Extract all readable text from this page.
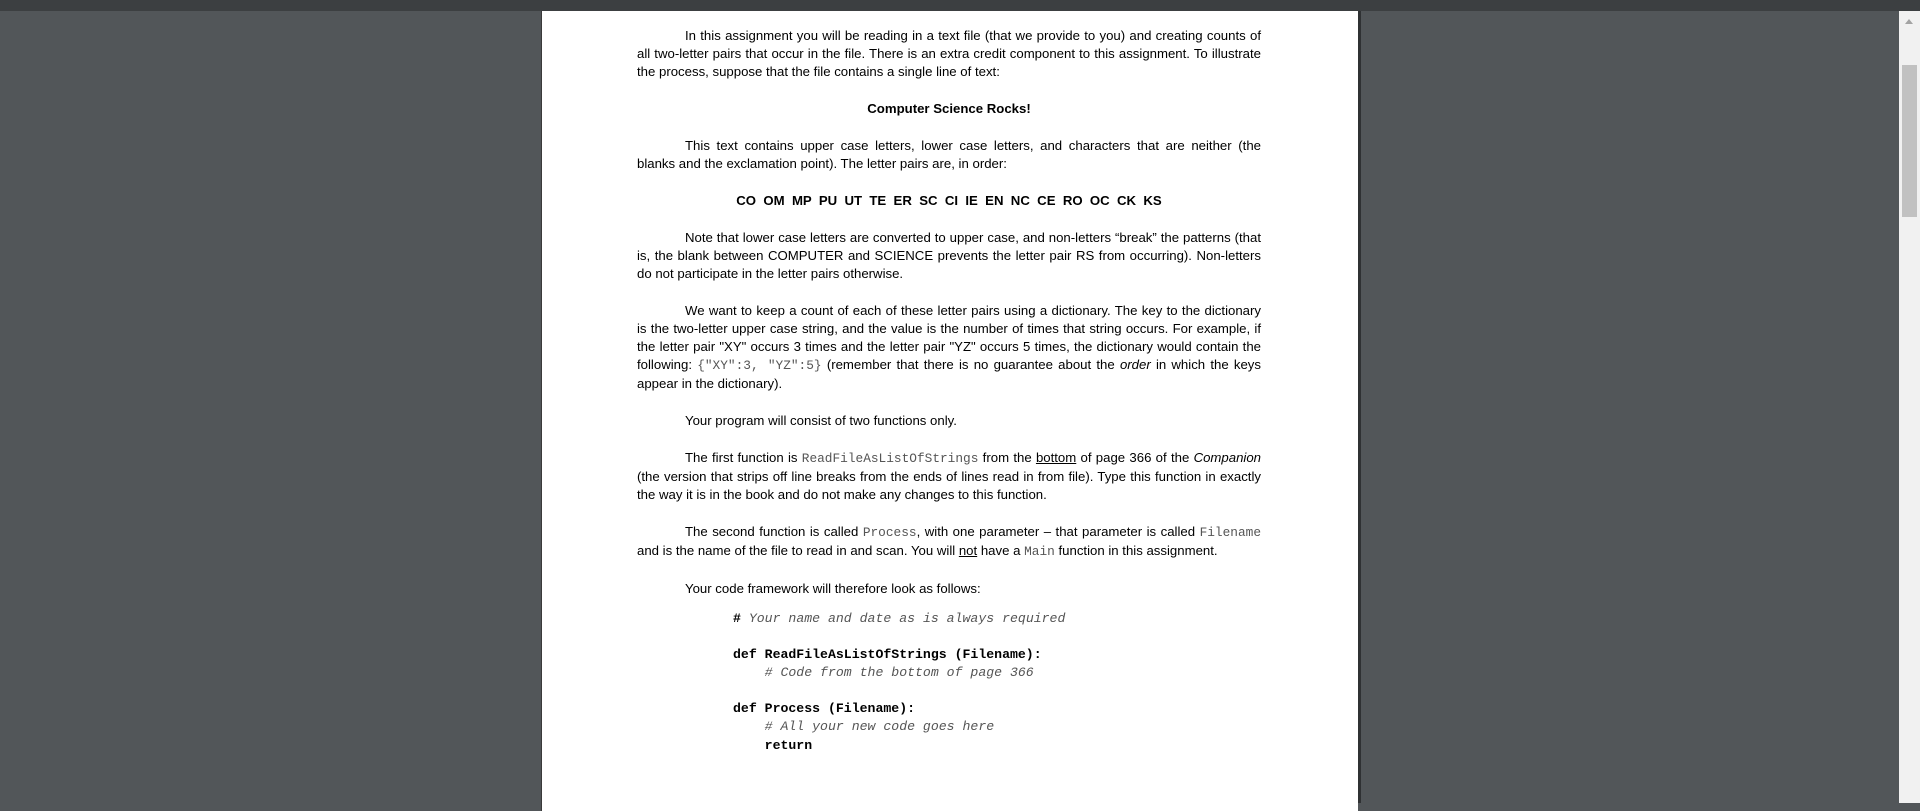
In this assignment you will be reading in a text file (that we provide to you) and creating counts of all two-letter pairs that occur in the file. There is an extra credit component to this assignment. To illustrate the process, suppose that the file contains a single line of text:

Computer Science Rocks!

This text contains upper case letters, lower case letters, and characters that are neither (the blanks and the exclamation point). The letter pairs are, in order:

CO  OM  MP  PU  UT  TE  ER  SC  CI  IE  EN  NC  CE  RO  OC  CK  KS

Note that lower case letters are converted to upper case, and non-letters “break” the patterns (that is, the blank between COMPUTER and SCIENCE prevents the letter pair RS from occurring). Non-letters do not participate in the letter pairs otherwise.

We want to keep a count of each of these letter pairs using a dictionary. The key to the dictionary is the two-letter upper case string, and the value is the number of times that string occurs. For example, if the letter pair "XY" occurs 3 times and the letter pair "YZ" occurs 5 times, the dictionary would contain the following: {"XY":3, "YZ":5} (remember that there is no guarantee about the order in which the keys appear in the dictionary).

Your program will consist of two functions only.

The first function is ReadFileAsListOfStrings from the bottom of page 366 of the Companion (the version that strips off line breaks from the ends of lines read in from file). Type this function in exactly the way it is in the book and do not make any changes to this function.

The second function is called Process, with one parameter – that parameter is called Filename and is the name of the file to read in and scan. You will not have a Main function in this assignment.

Your code framework will therefore look as follows:

# Your name and date as is always required
def ReadFileAsListOfStrings (Filename):
# Code from the bottom of page 366
def Process (Filename):
# All your new code goes here
return
